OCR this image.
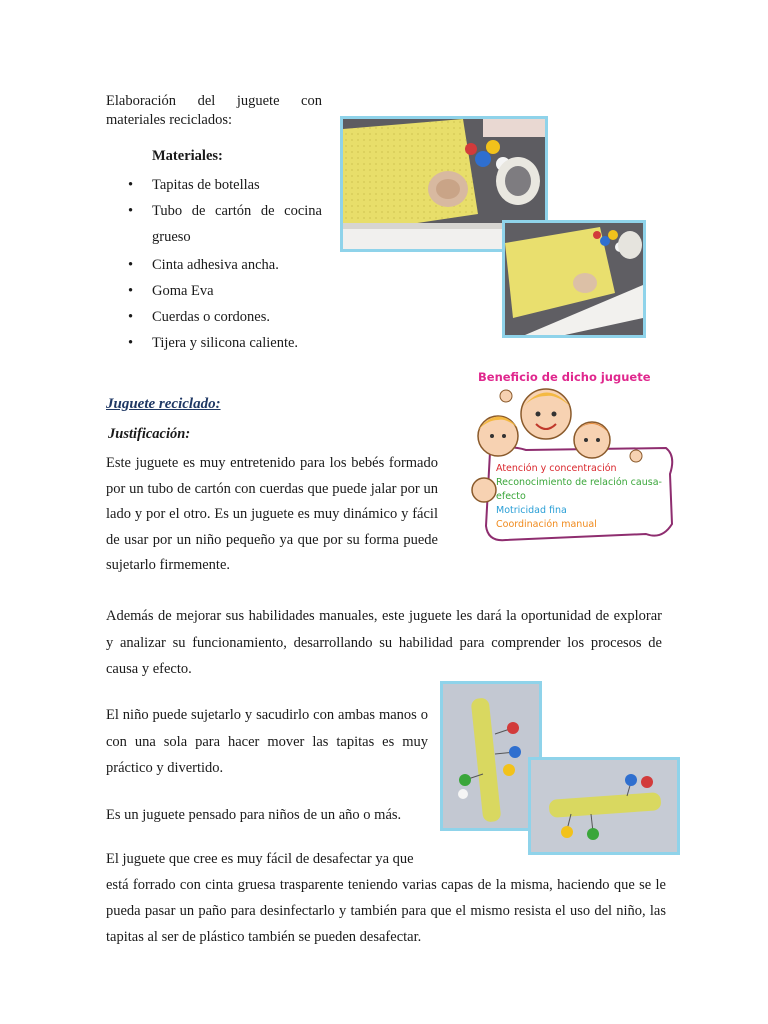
Elaboración del juguete con
materiales reciclados:
Materiales:
• Tapitas de botellas
• Tubo de cartón de cocina grueso
• Cinta adhesiva ancha.
• Goma Eva
• Cuerdas o cordones.
• Tijera y silicona caliente.
Beneficio de dicho juguete
Atención y concentración
Reconocimiento de relación causa-
efecto
Motricidad fina
Coordinación manual
Juguete reciclado:
Justificación:
Este juguete es muy entretenido para los bebés formado por un tubo de cartón con cuerdas que puede jalar por un lado y por el otro. Es un juguete es muy dinámico y fácil de usar por un niño pequeño ya que por su forma puede sujetarlo firmemente.
Además de mejorar sus habilidades manuales, este juguete les dará la oportunidad de explorar y analizar su funcionamiento, desarrollando su habilidad para comprender los procesos de causa y efecto.
El niño puede sujetarlo y sacudirlo con ambas manos o con una sola para hacer mover las tapitas es muy práctico y divertido.
Es un juguete pensado para niños de un año o más.
El juguete que cree es muy fácil de desafectar ya que
está forrado con cinta gruesa trasparente teniendo varias capas de la misma, haciendo que se le pueda pasar un paño para desinfectarlo y también para que el mismo resista el uso del niño, las tapitas al ser de plástico también se pueden desafectar.
